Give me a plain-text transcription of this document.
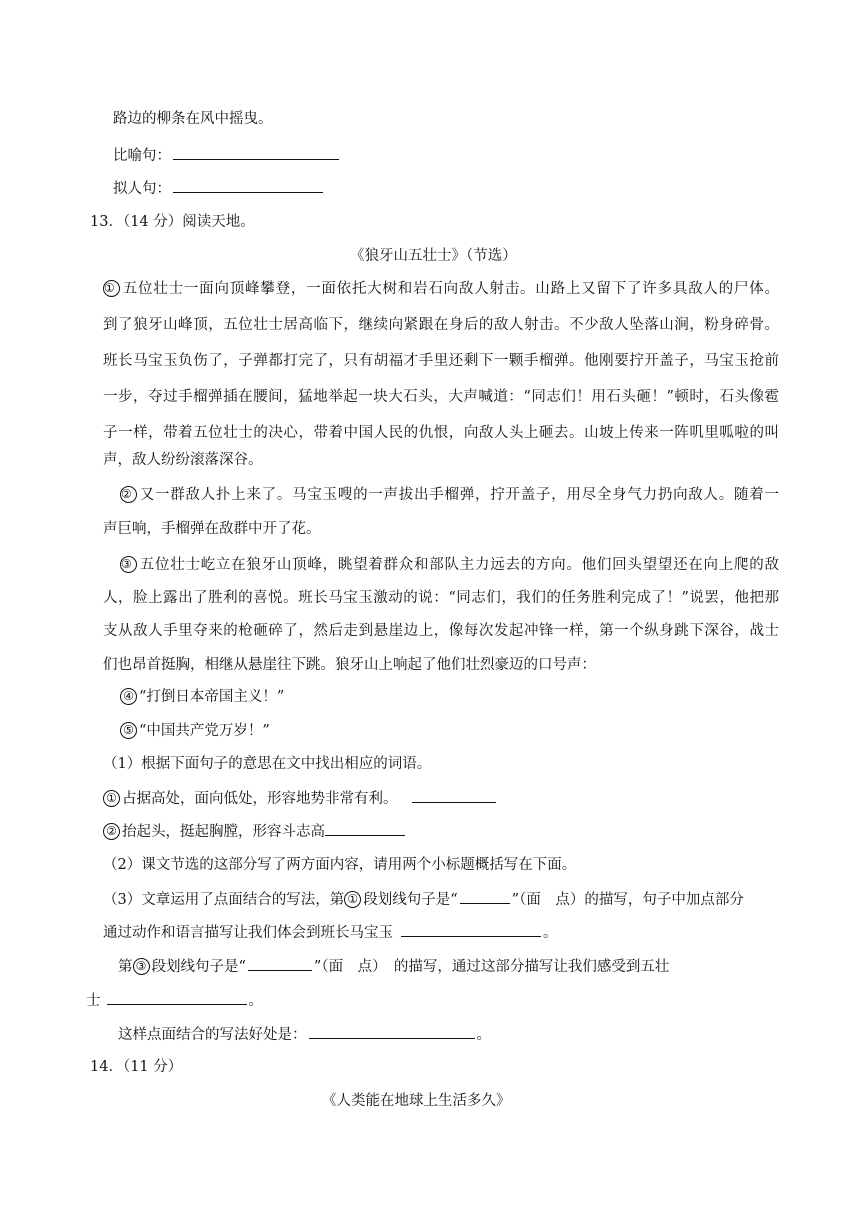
路边的柳条在风中摇曳。
比喻句：
拟人句：
13．（14 分）阅读天地。
《狼牙山五壮士》（节选）
① 五位壮士一面向顶峰攀登，一面依托大树和岩石向敌人射击。山路上又留下了许多具敌人的尸体。
到了狼牙山峰顶，五位壮士居高临下，继续向紧跟在身后的敌人射击。不少敌人坠落山涧，粉身碎骨。
班长马宝玉负伤了，子弹都打完了，只有胡福才手里还剩下一颗手榴弹。他刚要拧开盖子，马宝玉抢前
一步，夺过手榴弹插在腰间，猛地举起一块大石头，大声喊道：“同志们！用石头砸！”顿时，石头像雹
子一样，带着五位壮士的决心，带着中国人民的仇恨，向敌人头上砸去。山坡上传来一阵叽里呱啦的叫
声，敌人纷纷滚落深谷。
② 又一群敌人扑上来了。马宝玉嗖的一声拔出手榴弹，拧开盖子，用尽全身气力扔向敌人。随着一
声巨响，手榴弹在敌群中开了花。
③ 五位壮士屹立在狼牙山顶峰，眺望着群众和部队主力远去的方向。他们回头望望还在向上爬的敌
人，脸上露出了胜利的喜悦。班长马宝玉激动的说：“同志们，我们的任务胜利完成了！”说罢，他把那
支从敌人手里夺来的枪砸碎了，然后走到悬崖边上，像每次发起冲锋一样，第一个纵身跳下深谷，战士
们也昂首挺胸，相继从悬崖往下跳。狼牙山上响起了他们壮烈豪迈的口号声：
④ “打倒日本帝国主义！”
⑤ “中国共产党万岁！”
（1）根据下面句子的意思在文中找出相应的词语。
① 占据高处，面向低处，形容地势非常有利。
② 抬起头，挺起胸膛，形容斗志高
（2）课文节选的这部分写了两方面内容，请用两个小标题概括写在下面。
（3）文章运用了点面结合的写法，第 ① 段划线句子是“	”（面　点）的描写，句子中加点部分
通过动作和语言描写让我们体会到班长马宝玉	。
第 ③ 段划线句子是“	”（面　点）　的描写，通过这部分描写让我们感受到五壮
士	。
这样点面结合的写法好处是：	。
14．（11 分）
《人类能在地球上生活多久》
